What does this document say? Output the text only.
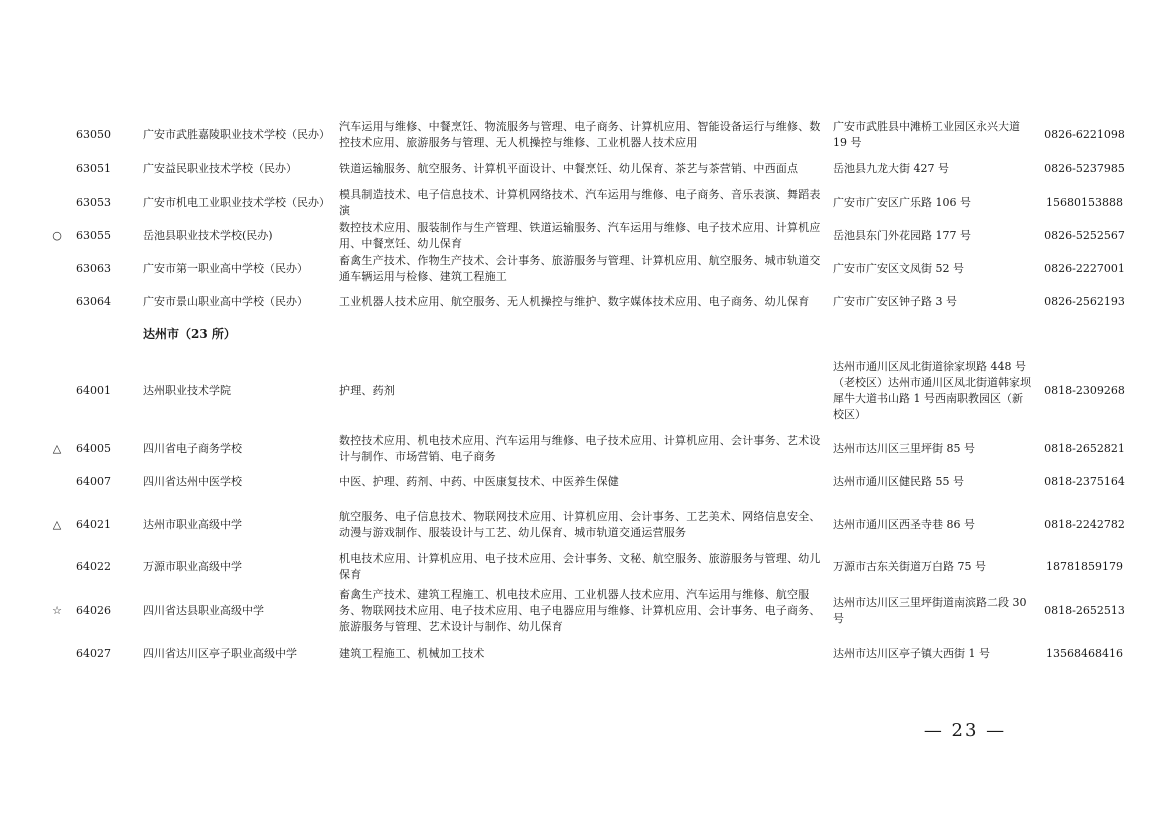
	63050	广安市武胜嘉陵职业技术学校（民办）	汽车运用与维修、中餐烹饪、物流服务与管理、电子商务、计算机应用、智能设备运行与维修、数控技术应用、旅游服务与管理、无人机操控与维修、工业机器人技术应用	广安市武胜县中滩桥工业园区永兴大道 19 号	0826-6221098
	63051	广安益民职业技术学校（民办）	铁道运输服务、航空服务、计算机平面设计、中餐烹饪、幼儿保育、茶艺与茶营销、中西面点	岳池县九龙大街 427 号	0826-5237985
	63053	广安市机电工业职业技术学校（民办）	模具制造技术、电子信息技术、计算机网络技术、汽车运用与维修、电子商务、音乐表演、舞蹈表演	广安市广安区广乐路 106 号	15680153888
○	63055	岳池县职业技术学校(民办)	数控技术应用、服装制作与生产管理、铁道运输服务、汽车运用与维修、电子技术应用、计算机应用、中餐烹饪、幼儿保育	岳池县东门外花园路 177 号	0826-5252567
	63063	广安市第一职业高中学校（民办）	畜禽生产技术、作物生产技术、会计事务、旅游服务与管理、计算机应用、航空服务、城市轨道交通车辆运用与检修、建筑工程施工	广安市广安区文凤街 52 号	0826-2227001
	63064	广安市景山职业高中学校（民办）	工业机器人技术应用、航空服务、无人机操控与维护、数字媒体技术应用、电子商务、幼儿保育	广安市广安区钟子路 3 号	0826-2562193
		达州市（23 所）			
	64001	达州职业技术学院	护理、药剂	达州市通川区凤北街道徐家坝路 448 号（老校区）达州市通川区凤北街道韩家坝犀牛大道书山路 1 号西南职教园区（新校区）	0818-2309268
△	64005	四川省电子商务学校	数控技术应用、机电技术应用、汽车运用与维修、电子技术应用、计算机应用、会计事务、艺术设计与制作、市场营销、电子商务	达州市达川区三里坪街 85 号	0818-2652821
	64007	四川省达州中医学校	中医、护理、药剂、中药、中医康复技术、中医养生保健	达州市通川区健民路 55 号	0818-2375164
△	64021	达州市职业高级中学	航空服务、电子信息技术、物联网技术应用、计算机应用、会计事务、工艺美术、网络信息安全、动漫与游戏制作、服装设计与工艺、幼儿保育、城市轨道交通运营服务	达州市通川区西圣寺巷 86 号	0818-2242782
	64022	万源市职业高级中学	机电技术应用、计算机应用、电子技术应用、会计事务、文秘、航空服务、旅游服务与管理、幼儿保育	万源市古东关街道万白路 75 号	18781859179
☆	64026	四川省达县职业高级中学	畜禽生产技术、建筑工程施工、机电技术应用、工业机器人技术应用、汽车运用与维修、航空服务、物联网技术应用、电子技术应用、电子电器应用与维修、计算机应用、会计事务、电子商务、旅游服务与管理、艺术设计与制作、幼儿保育	达州市达川区三里坪街道南滨路二段 30 号	0818-2652513
	64027	四川省达川区亭子职业高级中学	建筑工程施工、机械加工技术	达州市达川区亭子镇大西街 1 号	13568468416
— 23 —
